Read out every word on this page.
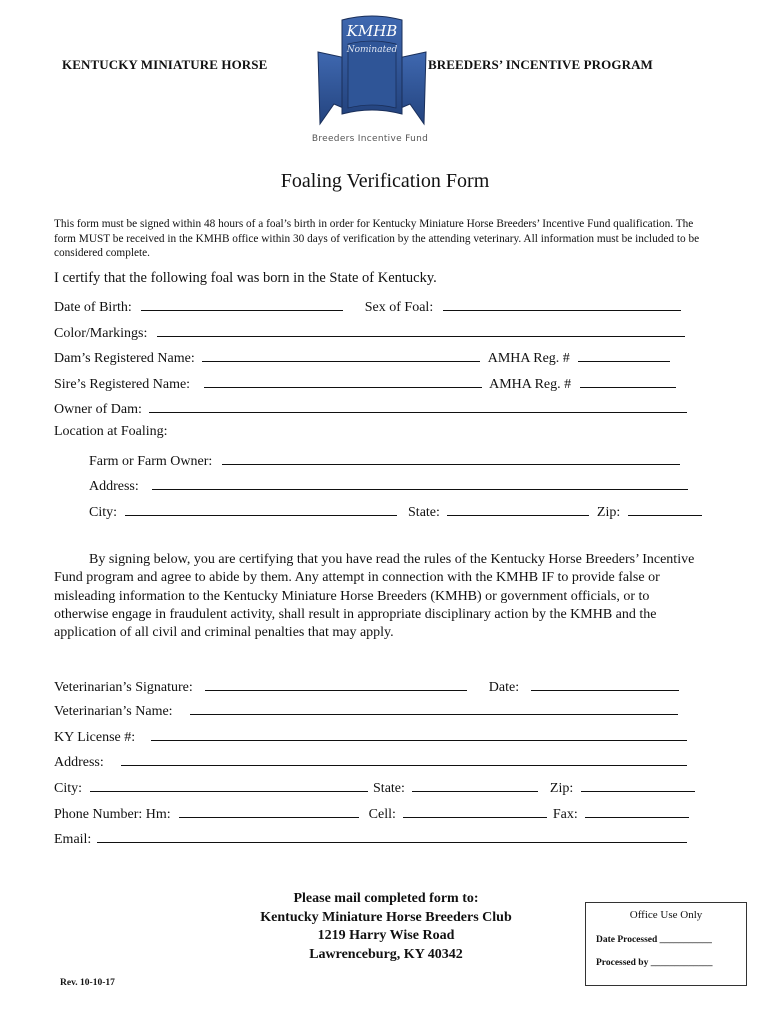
KENTUCKY MINIATURE HORSE	BREEDERS’ INCENTIVE PROGRAM
KMHB
Nominated
Breeders Incentive Fund
Foaling Verification Form
This form must be signed within 48 hours of a foal’s birth in order for Kentucky Miniature Horse Breeders’ Incentive Fund qualification. The form MUST be received in the KMHB office within 30 days of verification by the attending veterinary. All information must be included to be considered complete.
I certify that the following foal was born in the State of Kentucky.
Date of Birth:	Sex of Foal:
Color/Markings:
Dam’s Registered Name:	AMHA Reg. #
Sire’s Registered Name:	AMHA Reg. #
Owner of Dam:
Location at Foaling:
Farm or Farm Owner:
Address:
City:	State:	Zip:
By signing below, you are certifying that you have read the rules of the Kentucky Horse Breeders’ Incentive Fund program and agree to abide by them. Any attempt in connection with the KMHB IF to provide false or misleading information to the Kentucky Miniature Horse Breeders (KMHB) or government officials, or to otherwise engage in fraudulent activity, shall result in appropriate disciplinary action by the KMHB and the application of all civil and criminal penalties that may apply.
Veterinarian’s Signature:	Date:
Veterinarian’s Name:
KY License #:
Address:
City:	State:	Zip:
Phone Number: Hm:	Cell:	Fax:
Email:
Please mail completed form to:
Kentucky Miniature Horse Breeders Club
1219 Harry Wise Road
Lawrenceburg, KY 40342
Office Use Only
Date Processed ___________
Processed by _____________
Rev. 10-10-17
